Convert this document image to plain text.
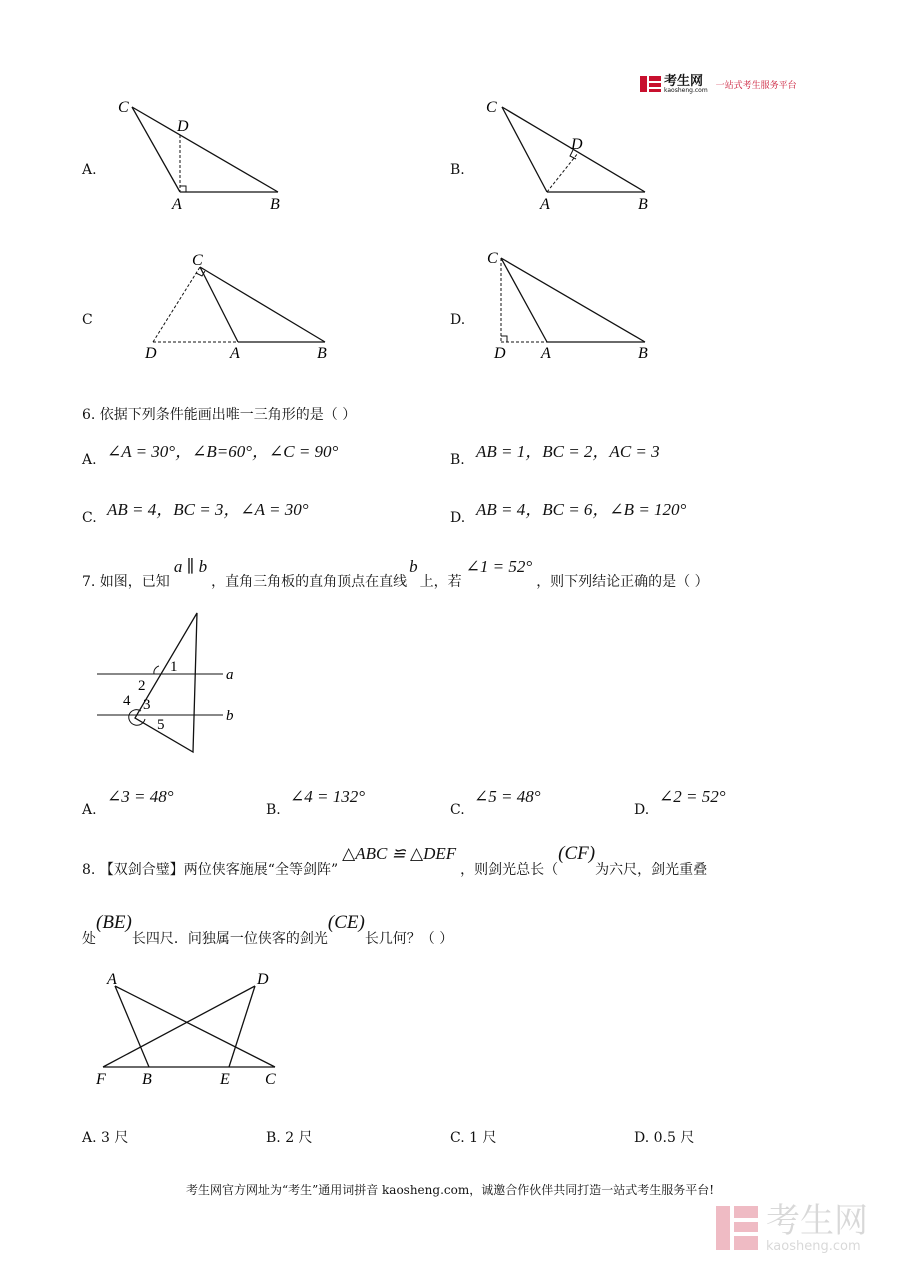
考生网
kaosheng.com 一站式考生服务平台
A.
C
D
A	B
B.
C
D
A	B
C
C
D	A	B
D.
C
D A	B
6. 依据下列条件能画出唯一三角形的是（ ）
A. ∠A = 30°，∠B=60°，∠C = 90°	B. AB = 1，BC = 2，AC = 3
C. AB = 4，BC = 3，∠A = 30°	D. AB = 4，BC = 6，∠B = 120°
7. 如图，已知a ∥ b，直角三角板的直角顶点在直线b上，若∠1 = 52°，则下列结论正确的是（ ）
1
2
3
4
5
a
b
A.
∠3 = 48°
B.
∠4 = 132°
C.
∠5 = 48°
D.
∠2 = 52°
8. 【双剑合璧】两位侠客施展“全等剑阵”△ABC ≌ △DEF，则剑光总长（(CF)为六尺，剑光重叠
处(BE)长四尺．问独属一位侠客的剑光(CE)长几何？（ ）
A	D
F B	E C
A. 3 尺	B. 2 尺	C. 1 尺	D. 0.5 尺
考生网官方网址为“考生”通用词拼音 kaosheng.com，诚邀合作伙伴共同打造一站式考生服务平台!
考生网
kaosheng.com
